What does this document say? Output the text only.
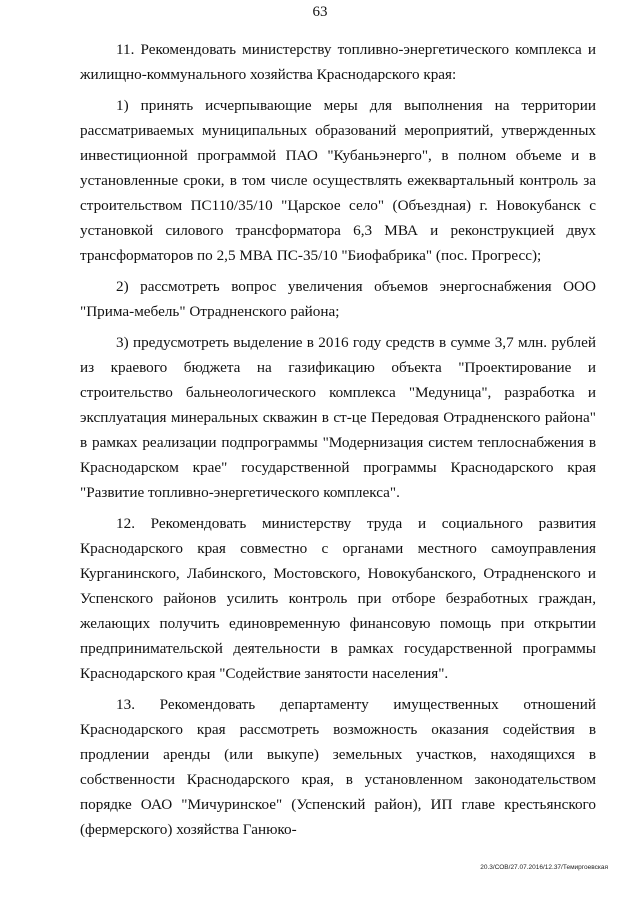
63

11. Рекомендовать министерству топливно-энергетического комплекса и жилищно-коммунального хозяйства Краснодарского края:

1) принять исчерпывающие меры для выполнения на территории рассматриваемых муниципальных образований мероприятий, утвержденных инвестиционной программой ПАО "Кубаньэнерго", в полном объеме и в установленные сроки, в том числе осуществлять ежеквартальный контроль за строительством ПС110/35/10 "Царское село" (Объездная) г. Новокубанск с установкой силового трансформатора 6,3 МВА и реконструкцией двух трансформаторов по 2,5 МВА ПС-35/10 "Биофабрика" (пос. Прогресс);

2) рассмотреть вопрос увеличения объемов энергоснабжения ООО "Прима-мебель" Отрадненского района;

3) предусмотреть выделение в 2016 году средств в сумме 3,7 млн. рублей из краевого бюджета на газификацию объекта "Проектирование и строительство бальнеологического комплекса "Медуница", разработка и эксплуатация минеральных скважин в ст-це Передовая Отрадненского района" в рамках реализации подпрограммы "Модернизация систем теплоснабжения в Краснодарском крае" государственной программы Краснодарского края "Развитие топливно-энергетического комплекса".

12. Рекомендовать министерству труда и социального развития Краснодарского края совместно с органами местного самоуправления Курганинского, Лабинского, Мостовского, Новокубанского, Отрадненского и Успенского районов усилить контроль при отборе безработных граждан, желающих получить единовременную финансовую помощь при открытии предпринимательской деятельности в рамках государственной программы Краснодарского края "Содействие занятости населения".

13. Рекомендовать департаменту имущественных отношений Краснодарского края рассмотреть возможность оказания содействия в продлении аренды (или выкупе) земельных участков, находящихся в собственности Краснодарского края, в установленном законодательством порядке ОАО "Мичуринское" (Успенский район), ИП главе крестьянского (фермерского) хозяйства Ганюко-

20.3/СОВ/27.07.2016/12.37/Темиргоевская
